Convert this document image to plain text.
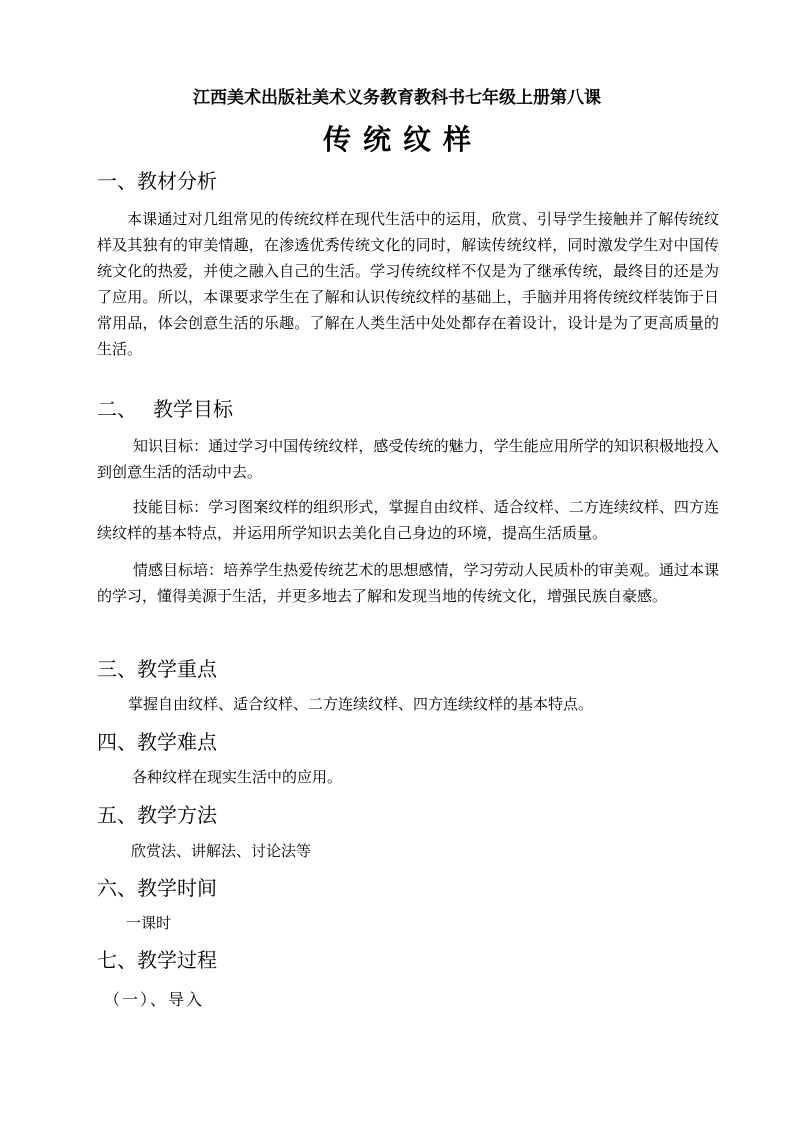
江西美术出版社美术义务教育教科书七年级上册第八课
传统纹样
一、教材分析
本课通过对几组常见的传统纹样在现代生活中的运用，欣赏、引导学生接触并了解传统纹样及其独有的审美情趣，在渗透优秀传统文化的同时，解读传统纹样，同时激发学生对中国传统文化的热爱，并使之融入自己的生活。学习传统纹样不仅是为了继承传统，最终目的还是为了应用。所以，本课要求学生在了解和认识传统纹样的基础上，手脑并用将传统纹样装饰于日常用品，体会创意生活的乐趣。了解在人类生活中处处都存在着设计，设计是为了更高质量的生活。
二、 教学目标
知识目标：通过学习中国传统纹样，感受传统的魅力，学生能应用所学的知识积极地投入到创意生活的活动中去。
技能目标：学习图案纹样的组织形式，掌握自由纹样、适合纹样、二方连续纹样、四方连续纹样的基本特点，并运用所学知识去美化自己身边的环境，提高生活质量。
情感目标培：培养学生热爱传统艺术的思想感情，学习劳动人民质朴的审美观。通过本课的学习，懂得美源于生活，并更多地去了解和发现当地的传统文化，增强民族自豪感。
三、教学重点
掌握自由纹样、适合纹样、二方连续纹样、四方连续纹样的基本特点。
四、教学难点
各种纹样在现实生活中的应用。
五、教学方法
欣赏法、讲解法、讨论法等
六、教学时间
一课时
七、教学过程
（一）、导入
